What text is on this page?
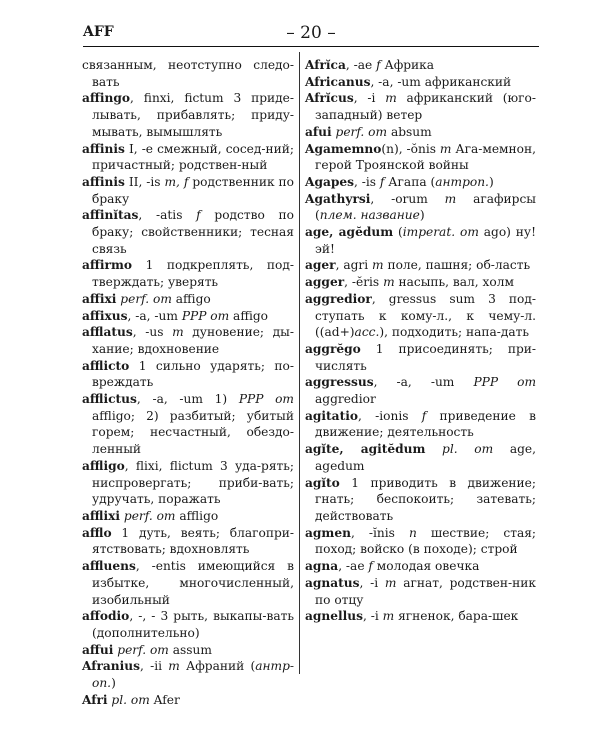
AFF	– 20 –

связанным, неотступно следо-вать

affingo, finxi, fictum 3 приде-лывать, прибавлять; приду-мывать, вымышлять

affinis I, -e смежный, сосед-ний; причастный; родствен-ный

affinis II, -is m, f родственник по браку

affinĭtas, -atis f родство по браку; свойственники; тесная связь

affirmo 1 подкреплять, под-тверждать; уверять

affixi perf. от affigo

affixus, -a, -um PPP от affigo

afflatus, -us m дуновение; ды-хание; вдохновение

afflicto 1 сильно ударять; по-вреждать

afflictus, -a, -um 1) PPP от affligo; 2) разбитый; убитый горем; несчастный, обездо-ленный

affligo, flixi, flictum 3 уда-рять; ниспровергать; приби-вать; удручать, поражать

afflixi perf. от affligo

afflo 1 дуть, веять; благопри-ятствовать; вдохновлять

affluens, -entis имеющийся в избытке, многочисленный, изобильный

affodio, -, - 3 рыть, выкапы-вать (дополнительно)

affui perf. от assum

Afranius, -ii m Афраний (антр-оп.)

Afri pl. от Afer

Afrĭca, -ae f Африка

Africanus, -a, -um африканский

Afrĭcus, -i m африканский (юго-западный) ветер

afui perf. от absum

Agamemno(n), -ŏnis m Ага-мемнон, герой Троянской войны

Agapes, -is f Агапа (антроп.)

Agathyrsi, -orum m агафирсы (плем. название)

age, agĕdum (imperat. от ago) ну! эй!

ager, agri m поле, пашня; об-ласть

agger, -ĕris m насыпь, вал, холм

aggredior, gressus sum 3 под-ступать к кому-л., к чему-л. ((ad+)acc.), подходить; напа-дать

aggrĕgo 1 присоединять; при-числять

aggressus, -a, -um PPP от aggredior

agitatio, -ionis f приведение в движение; деятельность

agĭte, agitĕdum pl. от age, agedum

agĭto 1 приводить в движение; гнать; беспокоить; затевать; действовать

agmen, -ĭnis n шествие; стая; поход; войско (в походе); строй

agna, -ae f молодая овечка

agnatus, -i m агнат, родствен-ник по отцу

agnellus, -i m ягненок, бара-шек
